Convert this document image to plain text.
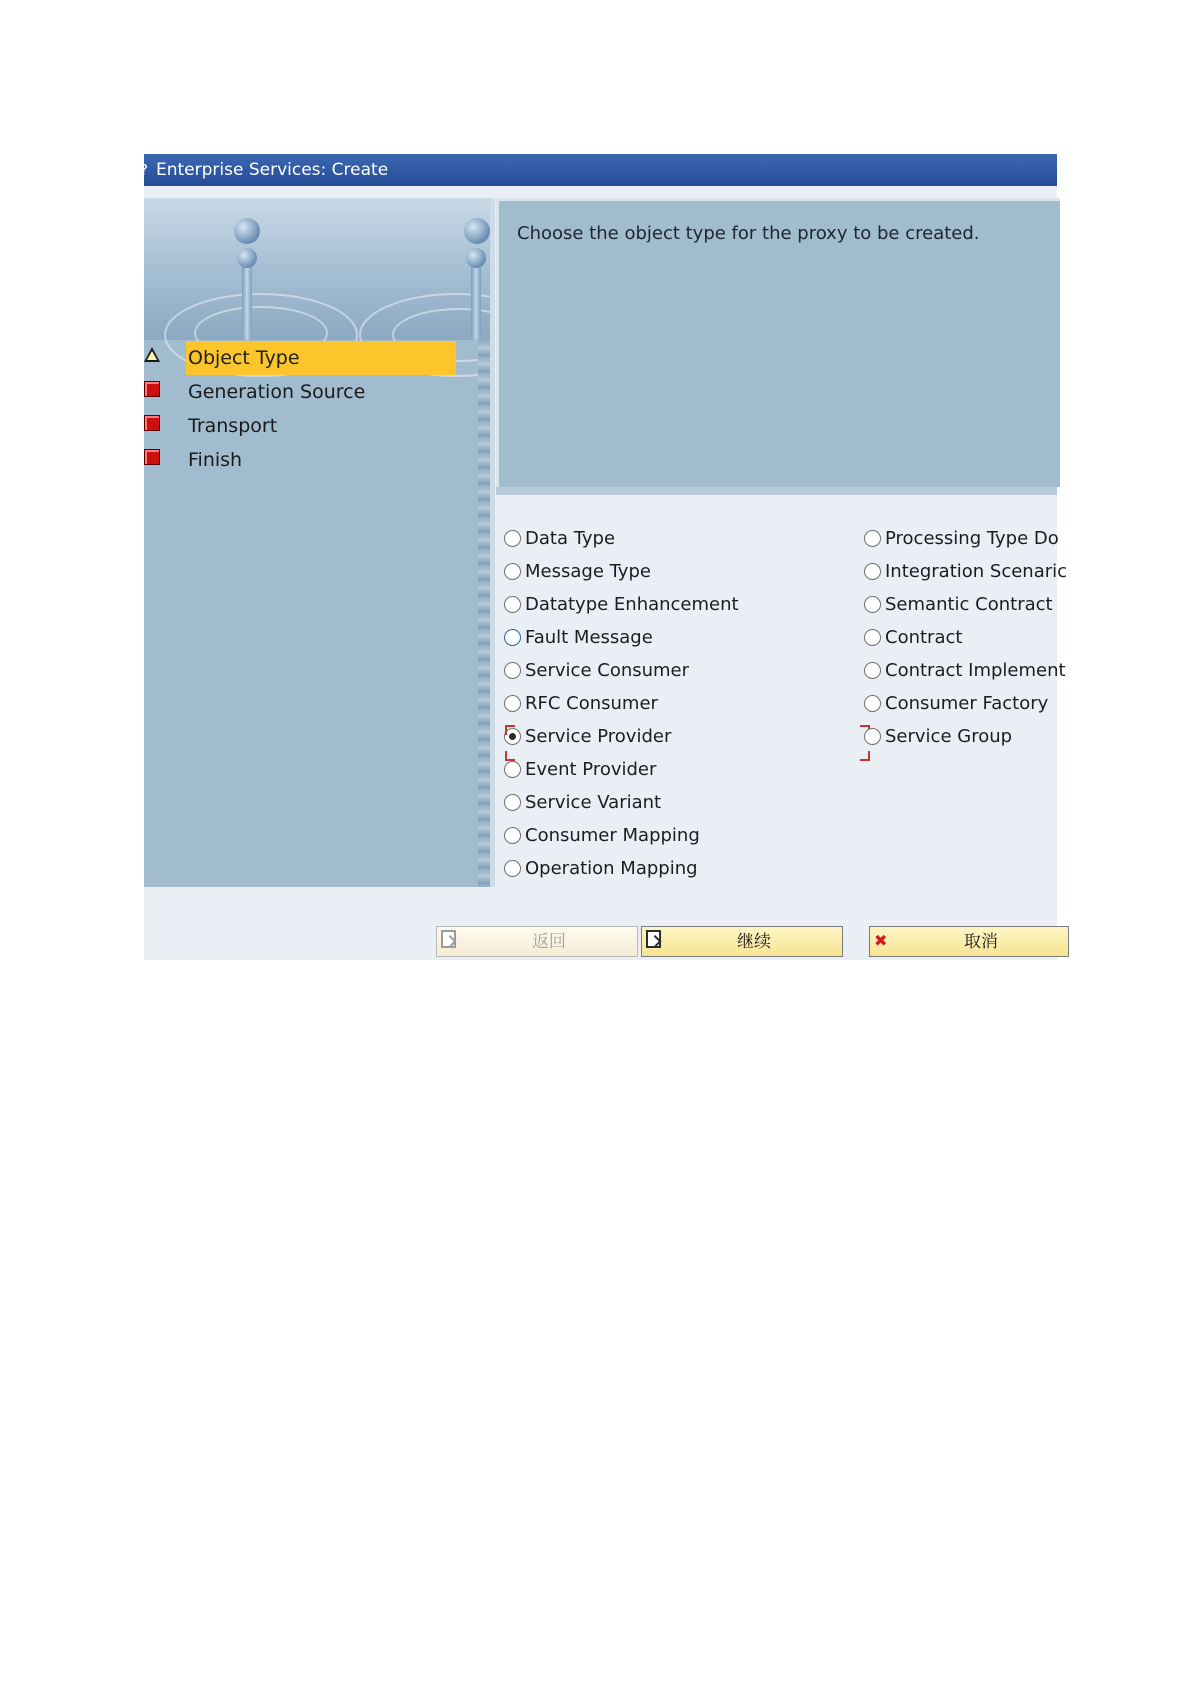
? Enterprise Services: Create
Object Type
Generation Source
Transport
Finish
Choose the object type for the proxy to be created.
Data Type
Message Type
Datatype Enhancement
Fault Message
Service Consumer
RFC Consumer
Service Provider
Event Provider
Service Variant
Consumer Mapping
Operation Mapping
Processing Type Do
Integration Scenaric
Semantic Contract
Contract
Contract Implement
Consumer Factory
Service Group
返回	继续	✖	取消
